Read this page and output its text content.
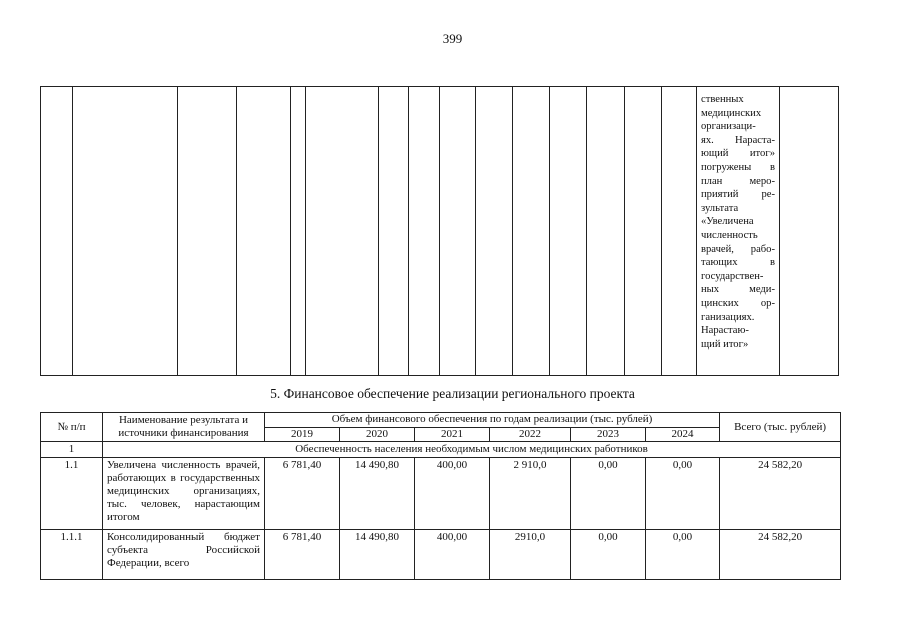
399
ственных
медицинских
организаци-
ях. Нараста-
ющий итог»
погружены в
план меро-
приятий ре-
зультата
«Увеличена
численность
врачей, рабо-
тающих в
государствен-
ных меди-
цинских ор-
ганизациях.
Нарастаю-
щий итог»
5. Финансовое обеспечение реализации регионального проекта
№ п/п	Наименование результата и источники финансирования	Объем финансового обеспечения по годам реализации (тыс. рублей)						Всего (тыс. рублей)
		2019	2020	2021	2022	2023	2024	
1	Обеспеченность населения необходимым числом медицинских работников							
1.1	Увеличена численность врачей, работающих в государственных медицинских организациях, тыс. человек, нарастающим итогом	6 781,40	14 490,80	400,00	2 910,0	0,00	0,00	24 582,20
1.1.1	Консолидированный бюджет субъекта Российской Федерации, всего	6 781,40	14 490,80	400,00	2910,0	0,00	0,00	24 582,20
